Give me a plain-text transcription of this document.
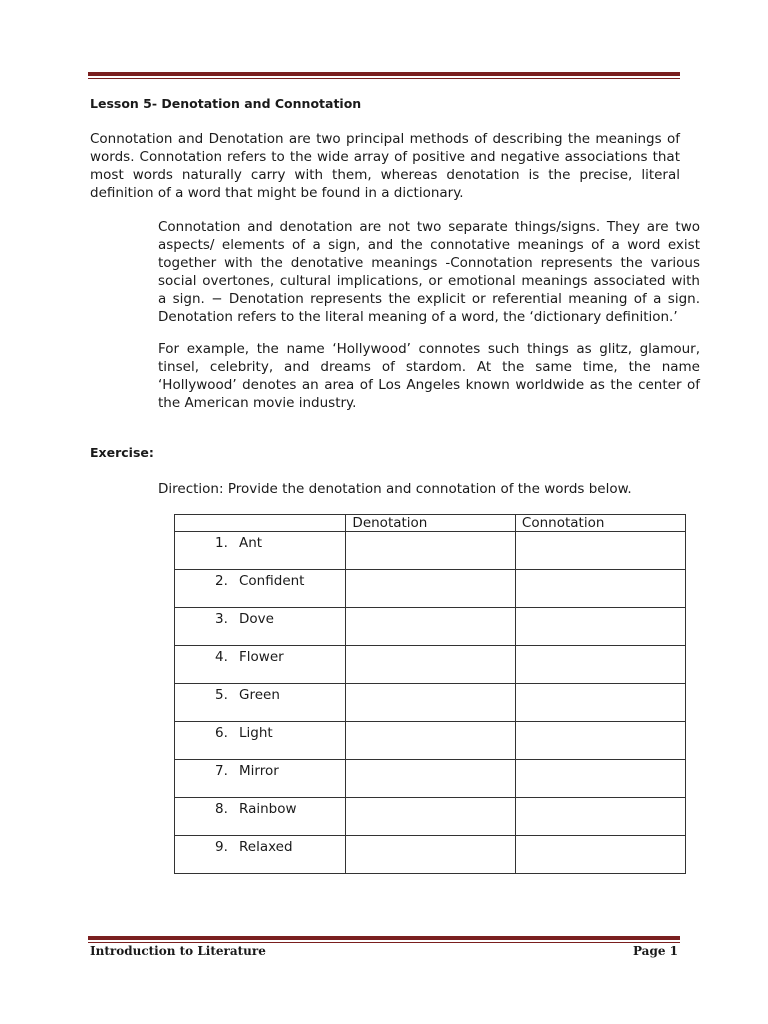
Lesson 5- Denotation and Connotation

Connotation and Denotation are two principal methods of describing the meanings of words. Connotation refers to the wide array of positive and negative associations that most words naturally carry with them, whereas denotation is the precise, literal definition of a word that might be found in a dictionary.

Connotation and denotation are not two separate things/signs. They are two aspects/ elements of a sign, and the connotative meanings of a word exist together with the denotative meanings -Connotation represents the various social overtones, cultural implications, or emotional meanings associated with a sign. − Denotation represents the explicit or referential meaning of a sign. Denotation refers to the literal meaning of a word, the ‘dictionary definition.’

For example, the name ‘Hollywood’ connotes such things as glitz, glamour, tinsel, celebrity, and dreams of stardom. At the same time, the name ‘Hollywood’ denotes an area of Los Angeles known worldwide as the center of the American movie industry.

Exercise:

Direction: Provide the denotation and connotation of the words below.

	Denotation	Connotation
1. Ant		
2. Confident		
3. Dove		
4. Flower		
5. Green		
6. Light		
7. Mirror		
8. Rainbow		
9. Relaxed		
Introduction to Literature	Page 1
